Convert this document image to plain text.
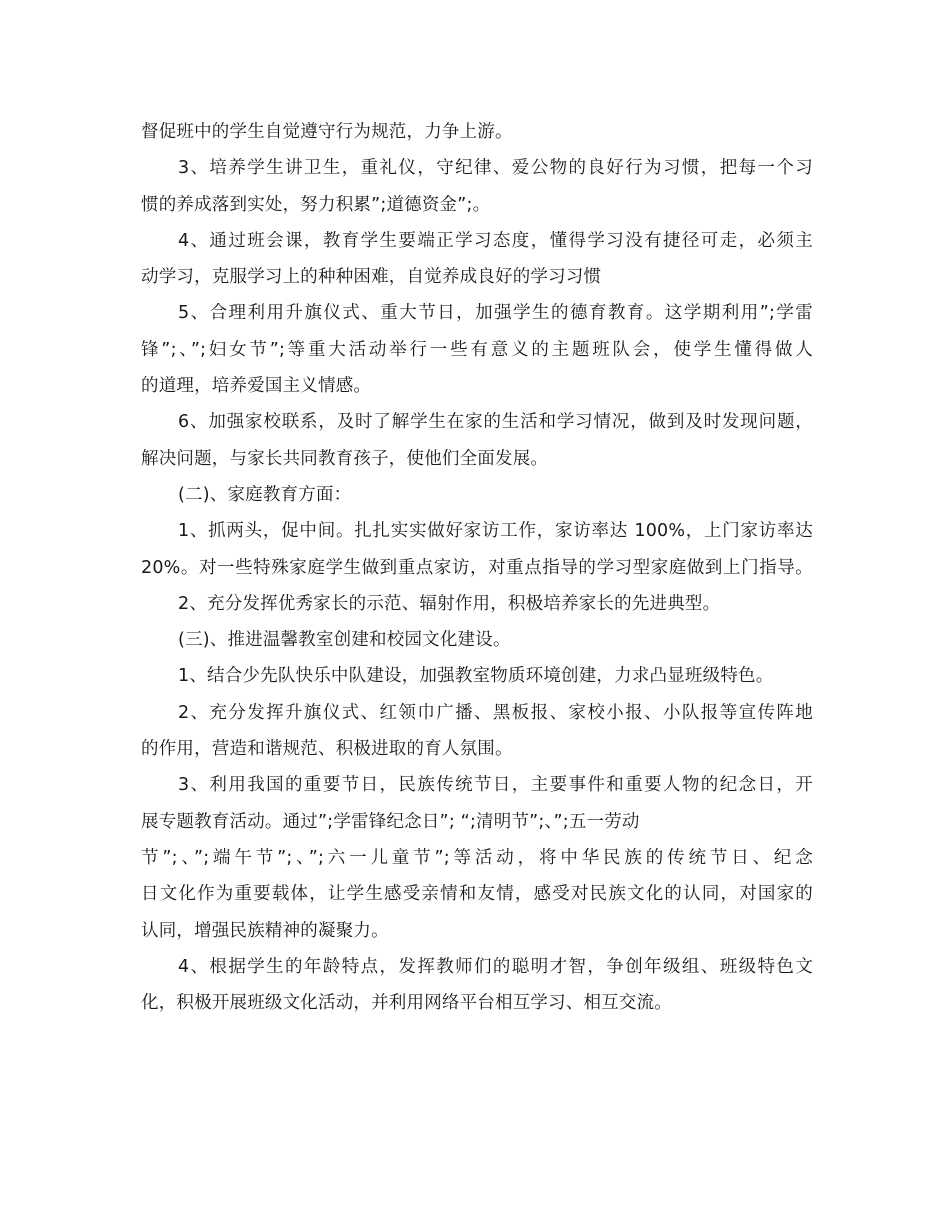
督促班中的学生自觉遵守行为规范，力争上游。
3、培养学生讲卫生，重礼仪，守纪律、爱公物的良好行为习惯，把每一个习
惯的养成落到实处，努力积累”;道德资金”;。
4、通过班会课，教育学生要端正学习态度，懂得学习没有捷径可走，必须主
动学习，克服学习上的种种困难，自觉养成良好的学习习惯
5、合理利用升旗仪式、重大节日，加强学生的德育教育。这学期利用”;学雷
锋”;、”;妇女节”;等重大活动举行一些有意义的主题班队会，使学生懂得做人
的道理，培养爱国主义情感。
6、加强家校联系，及时了解学生在家的生活和学习情况，做到及时发现问题，
解决问题，与家长共同教育孩子，使他们全面发展。
(二)、家庭教育方面：
1、抓两头，促中间。扎扎实实做好家访工作，家访率达 100%，上门家访率达
20%。对一些特殊家庭学生做到重点家访，对重点指导的学习型家庭做到上门指导。
2、充分发挥优秀家长的示范、辐射作用，积极培养家长的先进典型。
(三)、推进温馨教室创建和校园文化建设。
1、结合少先队快乐中队建设，加强教室物质环境创建，力求凸显班级特色。
2、充分发挥升旗仪式、红领巾广播、黑板报、家校小报、小队报等宣传阵地
的作用，营造和谐规范、积极进取的育人氛围。
3、利用我国的重要节日，民族传统节日，主要事件和重要人物的纪念日，开
展专题教育活动。通过”;学雷锋纪念日”; “;清明节”;、”;五一劳动
节”;、”;端午节”;、”;六一儿童节”;等活动，将中华民族的传统节日、纪念
日文化作为重要载体，让学生感受亲情和友情，感受对民族文化的认同，对国家的
认同，增强民族精神的凝聚力。
4、根据学生的年龄特点，发挥教师们的聪明才智，争创年级组、班级特色文
化，积极开展班级文化活动，并利用网络平台相互学习、相互交流。
